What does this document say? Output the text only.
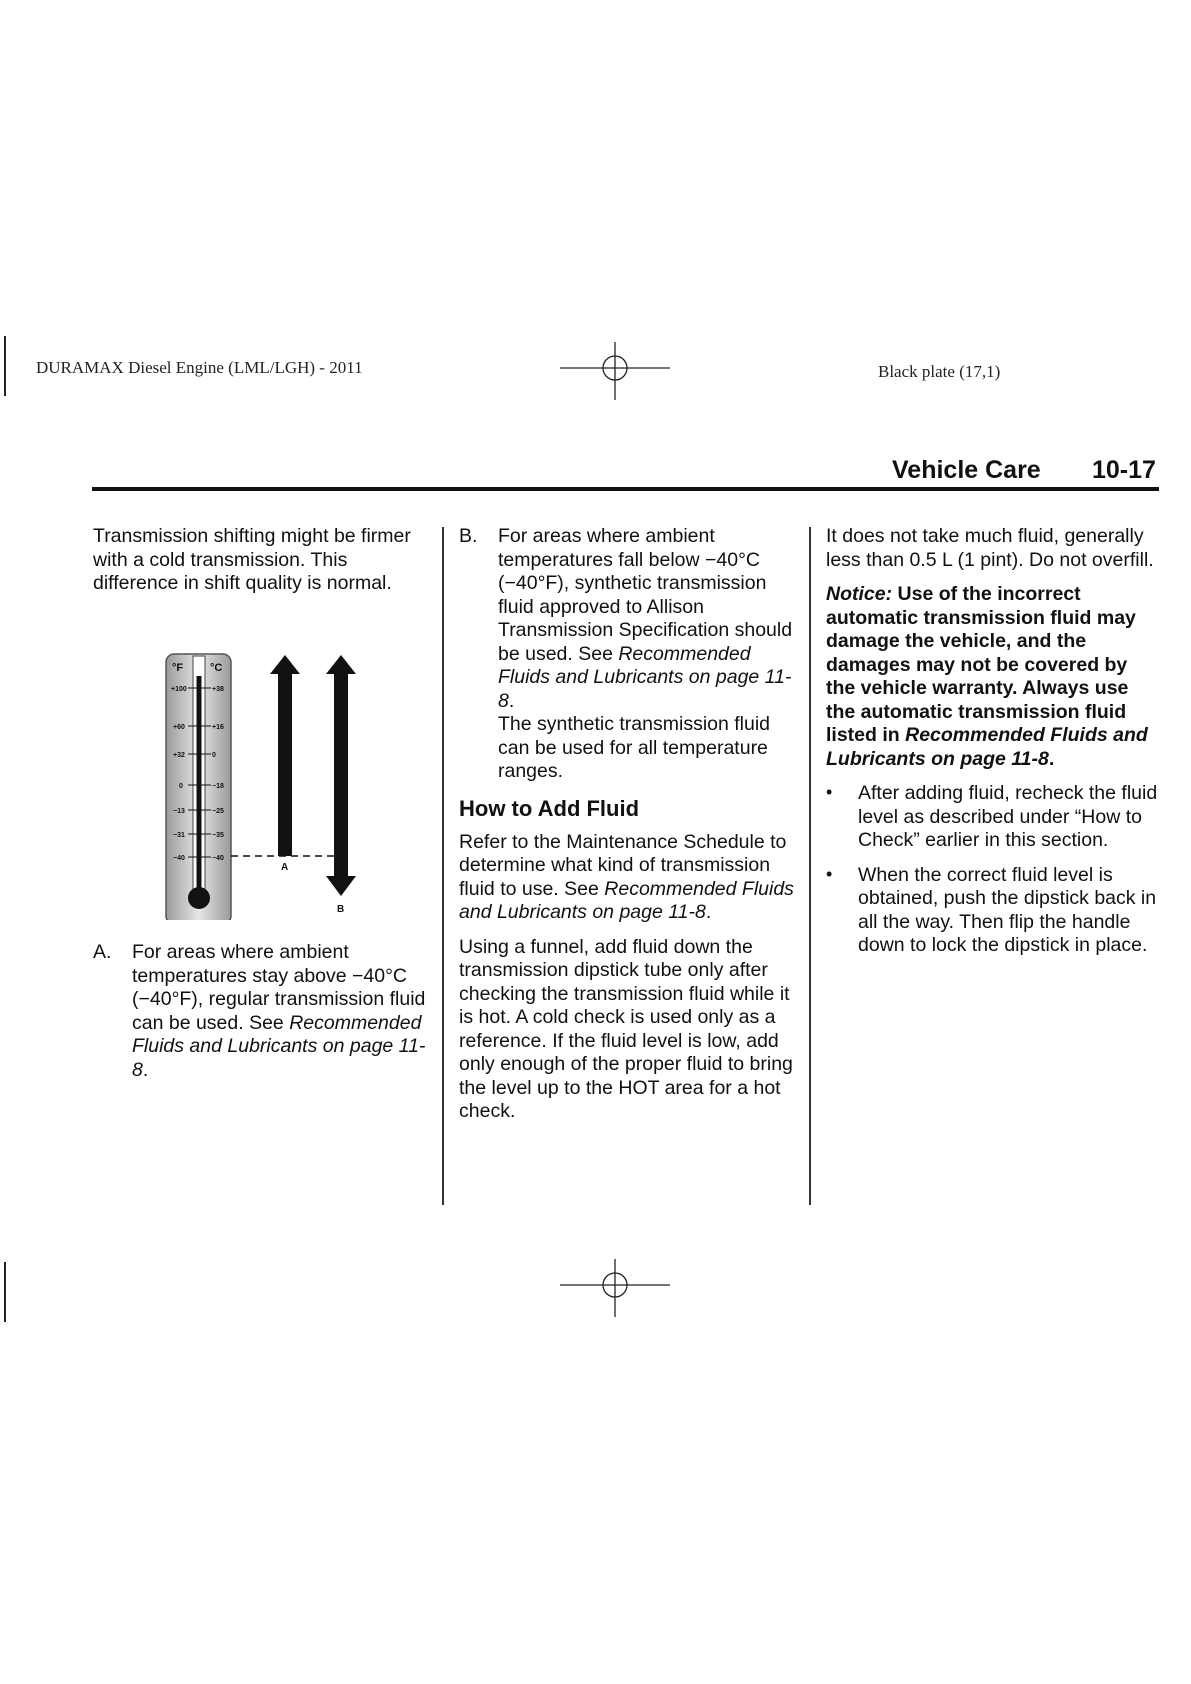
DURAMAX Diesel Engine (LML/LGH) - 2011	Black plate (17,1)
Vehicle Care 10-17

Transmission shifting might be firmer with a cold transmission. This difference in shift quality is normal.

°F °C
+100	+38
+60	+16
+32	0
0	−18
−13	−25
−31	−35
−40	−40
A
B
A. For areas where ambient temperatures stay above −40°C (−40°F), regular transmission fluid can be used. See Recommended Fluids and Lubricants on page 11-8.
B. For areas where ambient temperatures fall below −40°C (−40°F), synthetic transmission fluid approved to Allison Transmission Specification should be used. See Recommended Fluids and Lubricants on page 11-8.
The synthetic transmission fluid can be used for all temperature ranges.
How to Add Fluid

Refer to the Maintenance Schedule to determine what kind of transmission fluid to use. See Recommended Fluids and Lubricants on page 11-8.

Using a funnel, add fluid down the transmission dipstick tube only after checking the transmission fluid while it is hot. A cold check is used only as a reference. If the fluid level is low, add only enough of the proper fluid to bring the level up to the HOT area for a hot check.

It does not take much fluid, generally less than 0.5 L (1 pint). Do not overfill.

Notice: Use of the incorrect automatic transmission fluid may damage the vehicle, and the damages may not be covered by the vehicle warranty. Always use the automatic transmission fluid listed in Recommended Fluids and Lubricants on page 11-8.

• After adding fluid, recheck the fluid level as described under “How to Check” earlier in this section.
• When the correct fluid level is obtained, push the dipstick back in all the way. Then flip the handle down to lock the dipstick in place.
